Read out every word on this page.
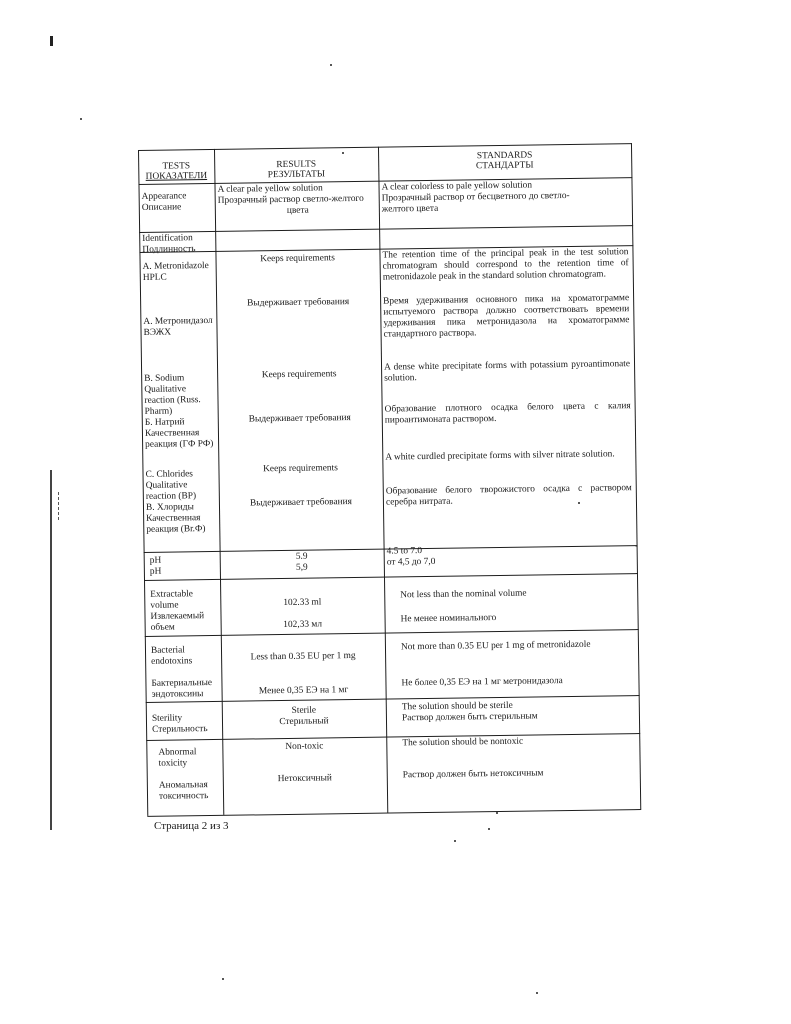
TESTS
ПОКАЗАТЕЛИ
RESULTS
РЕЗУЛЬТАТЫ
STANDARDS
СТАНДАРТЫ
Appearance
Описание
A clear pale yellow solution
Прозрачный раствор светло-желтого
цвета
A clear colorless to pale yellow solution
Прозрачный раствор от бесцветного до светло-
желтого цвета
Identification
Подлинность
A. Metronidazole
HPLC

А. Метронидазол
ВЭЖХ
Keeps requirements
Выдерживает требования
The retention time of the principal peak in the test solution chromatogram should correspond to the retention time of metronidazole peak in the standard solution chromatogram.
Время удерживания основного пика на хроматограмме испытуемого раствора должно соответствовать времени удерживания пика метронидазола на хроматограмме стандартного раствора.
B. Sodium
Qualitative
reaction (Russ.
Pharm)
Б. Натрий
Качественная
реакция (ГФ РФ)
Keeps requirements
Выдерживает требования
A dense white precipitate forms with potassium pyroantimonate solution.
Образование плотного осадка белого цвета с калия пироантимоната раствором.
C. Chlorides
Qualitative
reaction (BP)
В. Хлориды
Качественная
реакция (Br.Ф)
Keeps requirements
Выдерживает требования
A white curdled precipitate forms with silver nitrate solution.
Образование белого творожистого осадка с раствором серебра нитрата.
pH
pH
5.9
5,9
4.5 to 7.0
от 4,5 до 7,0
Extractable
volume
Извлекаемый
объем
102.33 ml
102,33 мл
Not less than the nominal volume
Не менее номинального
Bacterial
endotoxins

Бактериальные
эндотоксины
Less than 0.35 EU per 1 mg
Менее 0,35 ЕЭ на 1 мг
Not more than 0.35 EU per 1 mg of metronidazole
Не более 0,35 ЕЭ на 1 мг метронидазола
Sterility
Стерильность
Sterile
Стерильный
The solution should be sterile
Раствор должен быть стерильным
Abnormal
toxicity

Аномальная
токсичность
Non-toxic
Нетоксичный
The solution should be nontoxic
Раствор должен быть нетоксичным
Страница 2 из 3
